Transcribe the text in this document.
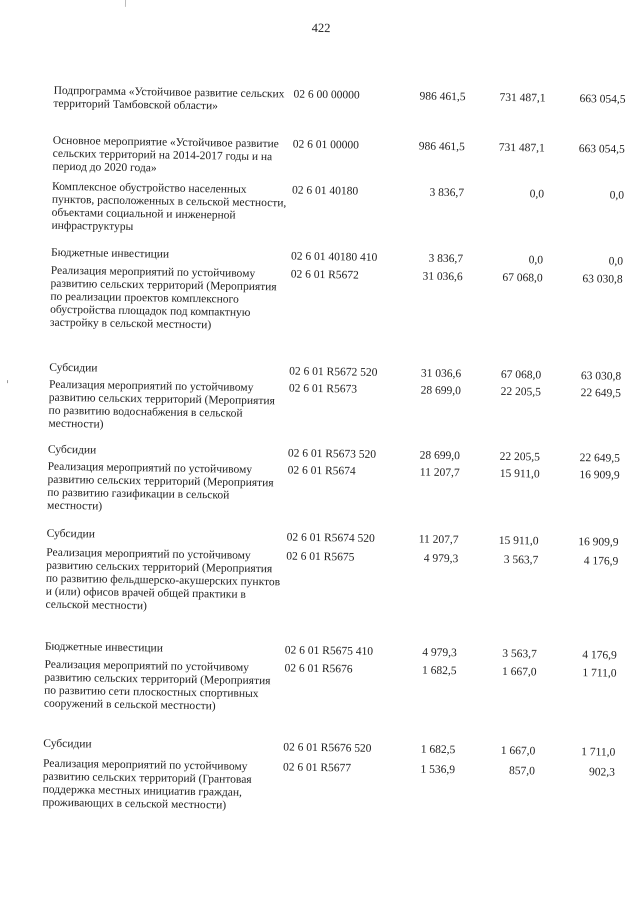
422
Подпрограмма «Устойчивое развитие сельских территорий Тамбовской области»
02 6 00 00000	986 461,5	731 487,1	663 054,5
Основное мероприятие «Устойчивое развитие сельских территорий на 2014-2017 годы и на период до 2020 года»
02 6 01 00000	986 461,5	731 487,1	663 054,5
Комплексное обустройство населенных пунктов, расположенных в сельской местности, объектами социальной и инженерной инфраструктуры
02 6 01 40180	3 836,7	0,0	0,0
Бюджетные инвестиции	02 6 01 40180 410	3 836,7	0,0	0,0
Реализация мероприятий по устойчивому развитию сельских территорий (Мероприятия по реализации проектов комплексного обустройства площадок под компактную застройку в сельской местности)
02 6 01 R5672	31 036,6	67 068,0	63 030,8
Субсидии	02 6 01 R5672 520	31 036,6	67 068,0	63 030,8
Реализация мероприятий по устойчивому развитию сельских территорий (Мероприятия по развитию водоснабжения в сельской местности)
02 6 01 R5673	28 699,0	22 205,5	22 649,5
Субсидии	02 6 01 R5673 520	28 699,0	22 205,5	22 649,5
Реализация мероприятий по устойчивому развитию сельских территорий (Мероприятия по развитию газификации в сельской местности)
02 6 01 R5674	11 207,7	15 911,0	16 909,9
Субсидии	02 6 01 R5674 520	11 207,7	15 911,0	16 909,9
Реализация мероприятий по устойчивому развитию сельских территорий (Мероприятия по развитию фельдшерско-акушерских пунктов и (или) офисов врачей общей практики в сельской местности)
02 6 01 R5675	4 979,3	3 563,7	4 176,9
Бюджетные инвестиции	02 6 01 R5675 410	4 979,3	3 563,7	4 176,9
Реализация мероприятий по устойчивому развитию сельских территорий (Мероприятия по развитию сети плоскостных спортивных сооружений в сельской местности)
02 6 01 R5676	1 682,5	1 667,0	1 711,0
Субсидии	02 6 01 R5676 520	1 682,5	1 667,0	1 711,0
Реализация мероприятий по устойчивому развитию сельских территорий (Грантовая поддержка местных инициатив граждан, проживающих в сельской местности)
02 6 01 R5677	1 536,9	857,0	902,3
